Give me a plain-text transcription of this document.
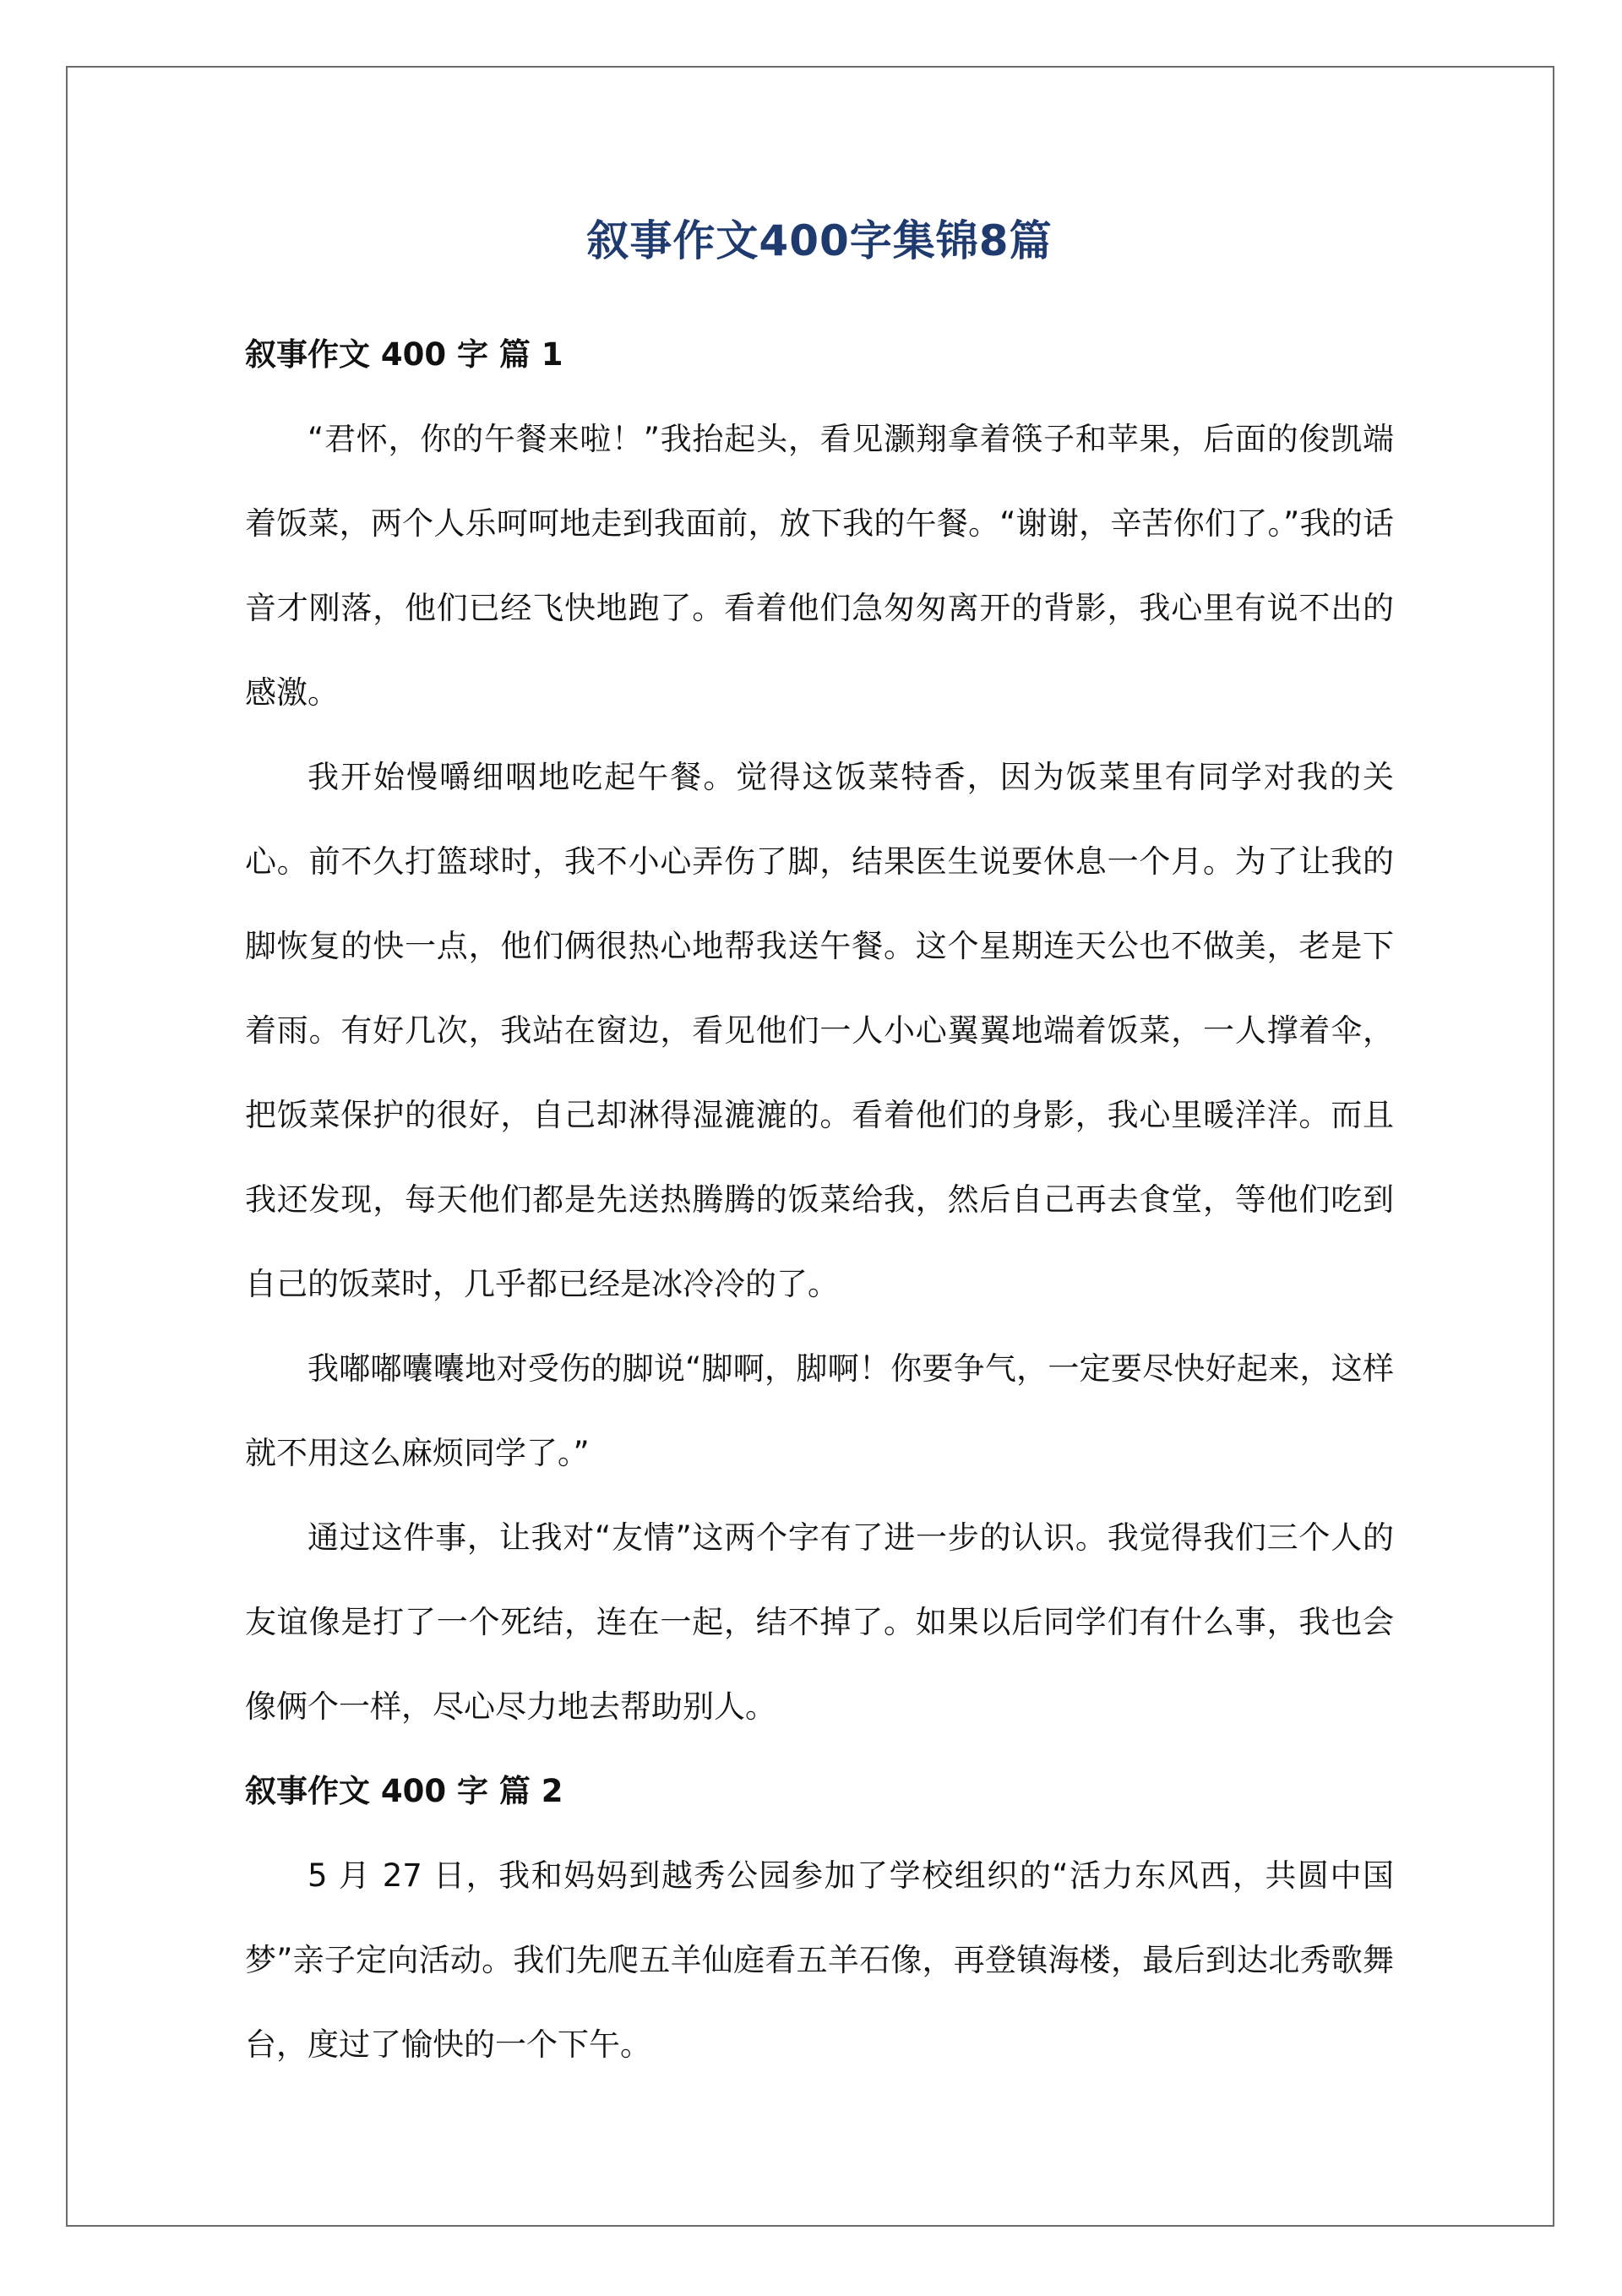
叙事作文400字集锦8篇
叙事作文 400 字 篇 1

“君怀，你的午餐来啦！”我抬起头，看见灏翔拿着筷子和苹果，后面的俊凯端着饭菜，两个人乐呵呵地走到我面前，放下我的午餐。“谢谢，辛苦你们了。”我的话音才刚落，他们已经飞快地跑了。看着他们急匆匆离开的背影，我心里有说不出的感激。

我开始慢嚼细咽地吃起午餐。觉得这饭菜特香，因为饭菜里有同学对我的关心。前不久打篮球时，我不小心弄伤了脚，结果医生说要休息一个月。为了让我的脚恢复的快一点，他们俩很热心地帮我送午餐。这个星期连天公也不做美，老是下着雨。有好几次，我站在窗边，看见他们一人小心翼翼地端着饭菜，一人撑着伞，把饭菜保护的很好，自己却淋得湿漉漉的。看着他们的身影，我心里暖洋洋。而且我还发现，每天他们都是先送热腾腾的饭菜给我，然后自己再去食堂，等他们吃到自己的饭菜时，几乎都已经是冰冷冷的了。

我嘟嘟囔囔地对受伤的脚说“脚啊，脚啊！你要争气，一定要尽快好起来，这样就不用这么麻烦同学了。”

通过这件事，让我对“友情”这两个字有了进一步的认识。我觉得我们三个人的友谊像是打了一个死结，连在一起，结不掉了。如果以后同学们有什么事，我也会像俩个一样，尽心尽力地去帮助别人。

叙事作文 400 字 篇 2

5 月 27 日，我和妈妈到越秀公园参加了学校组织的“活力东风西，共圆中国梦”亲子定向活动。我们先爬五羊仙庭看五羊石像，再登镇海楼，最后到达北秀歌舞台，度过了愉快的一个下午。
